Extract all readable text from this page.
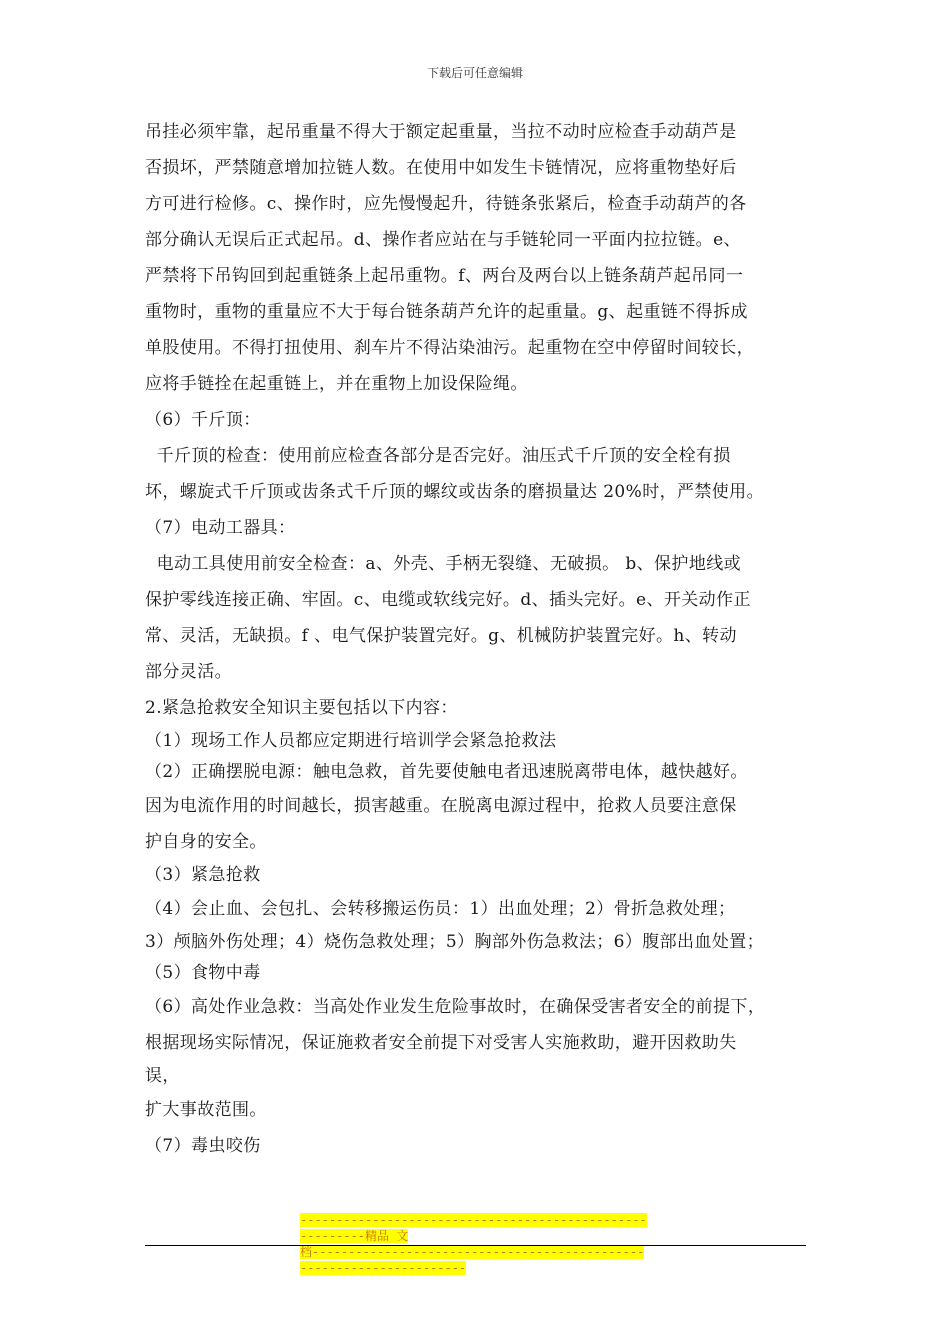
下载后可任意编辑
吊挂必须牢靠，起吊重量不得大于额定起重量，当拉不动时应检查手动葫芦是
否损坏，严禁随意增加拉链人数。在使用中如发生卡链情况，应将重物垫好后
方可进行检修。c、操作时，应先慢慢起升，待链条张紧后，检查手动葫芦的各
部分确认无误后正式起吊。d、操作者应站在与手链轮同一平面内拉拉链。e、
严禁将下吊钩回到起重链条上起吊重物。f、两台及两台以上链条葫芦起吊同一
重物时，重物的重量应不大于每台链条葫芦允许的起重量。g、起重链不得拆成
单股使用。不得打扭使用、刹车片不得沾染油污。起重物在空中停留时间较长，
应将手链拴在起重链上，并在重物上加设保险绳。
（6）千斤顶：
千斤顶的检查：使用前应检查各部分是否完好。油压式千斤顶的安全栓有损
坏，螺旋式千斤顶或齿条式千斤顶的螺纹或齿条的磨损量达 20%时，严禁使用。
（7）电动工器具：
电动工具使用前安全检查：a、外壳、手柄无裂缝、无破损。 b、保护地线或
保护零线连接正确、牢固。c、电缆或软线完好。d、插头完好。e、开关动作正
常、灵活，无缺损。f 、电气保护装置完好。g、机械防护装置完好。h、转动
部分灵活。
2.紧急抢救安全知识主要包括以下内容：
（1）现场工作人员都应定期进行培训学会紧急抢救法
（2）正确摆脱电源：触电急救，首先要使触电者迅速脱离带电体，越快越好。
因为电流作用的时间越长，损害越重。在脱离电源过程中，抢救人员要注意保
护自身的安全。
（3）紧急抢救
（4）会止血、会包扎、会转移搬运伤员：1）出血处理；2）骨折急救处理；
3）颅脑外伤处理；4）烧伤急救处理；5）胸部外伤急救法；6）腹部出血处置；
（5）食物中毒
（6）高处作业急救：当高处作业发生危险事故时，在确保受害者安全的前提下，
根据现场实际情况，保证施救者安全前提下对受害人实施救助，避开因救助失
误，
扩大事故范围。
（7）毒虫咬伤
---------------------------------------------------------精品 文
档---------------------------------------------------------------------
